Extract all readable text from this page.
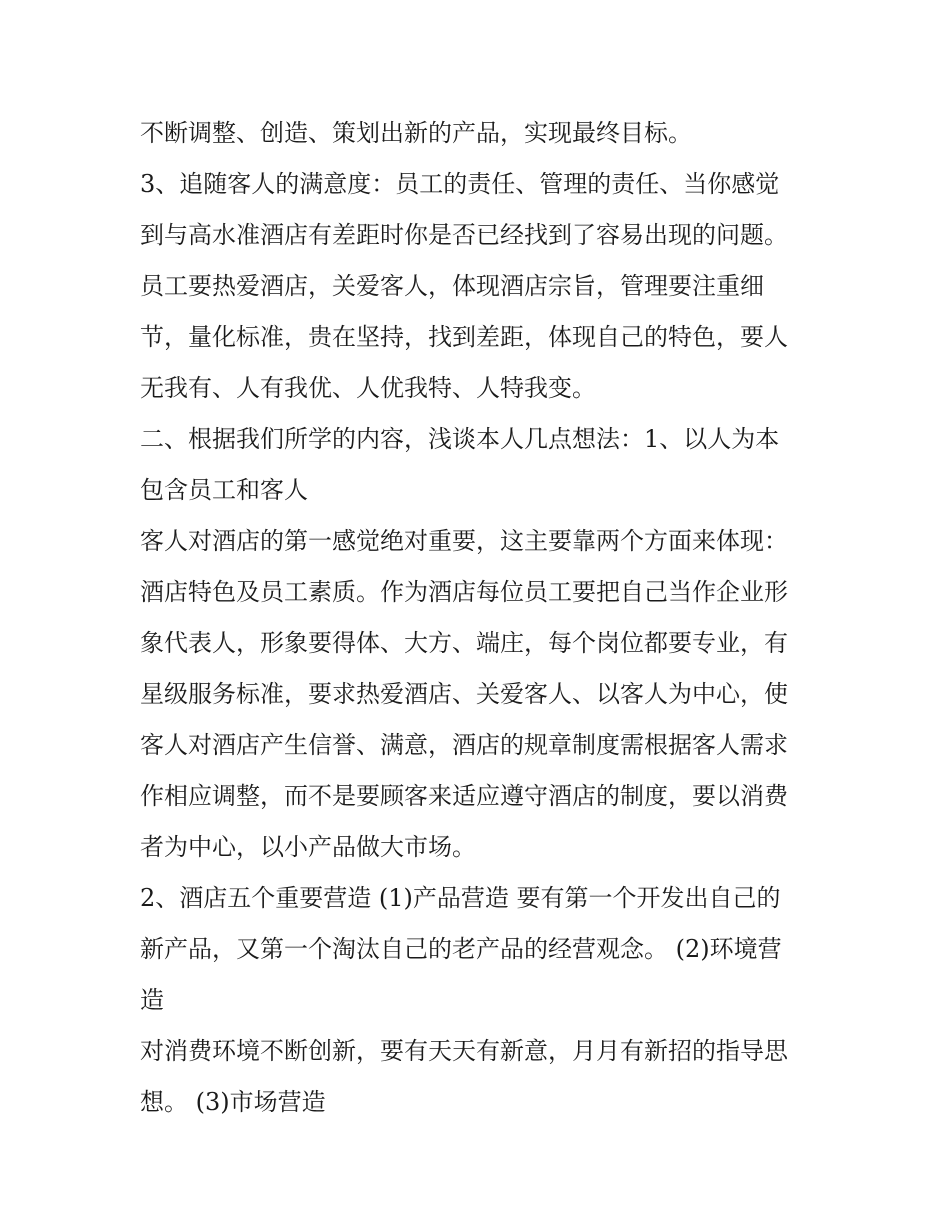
不断调整、创造、策划出新的产品，实现最终目标。
3、追随客人的满意度：员工的责任、管理的责任、当你感觉
到与高水准酒店有差距时你是否已经找到了容易出现的问题。
员工要热爱酒店，关爱客人，体现酒店宗旨，管理要注重细
节，量化标准，贵在坚持，找到差距，体现自己的特色，要人
无我有、人有我优、人优我特、人特我变。
二、根据我们所学的内容，浅谈本人几点想法：1、以人为本
包含员工和客人
客人对酒店的第一感觉绝对重要，这主要靠两个方面来体现：
酒店特色及员工素质。作为酒店每位员工要把自己当作企业形
象代表人，形象要得体、大方、端庄，每个岗位都要专业，有
星级服务标准，要求热爱酒店、关爱客人、以客人为中心，使
客人对酒店产生信誉、满意，酒店的规章制度需根据客人需求
作相应调整，而不是要顾客来适应遵守酒店的制度，要以消费
者为中心，以小产品做大市场。
2、酒店五个重要营造 (1)产品营造 要有第一个开发出自己的
新产品，又第一个淘汰自己的老产品的经营观念。 (2)环境营
造
对消费环境不断创新，要有天天有新意，月月有新招的指导思
想。 (3)市场营造
